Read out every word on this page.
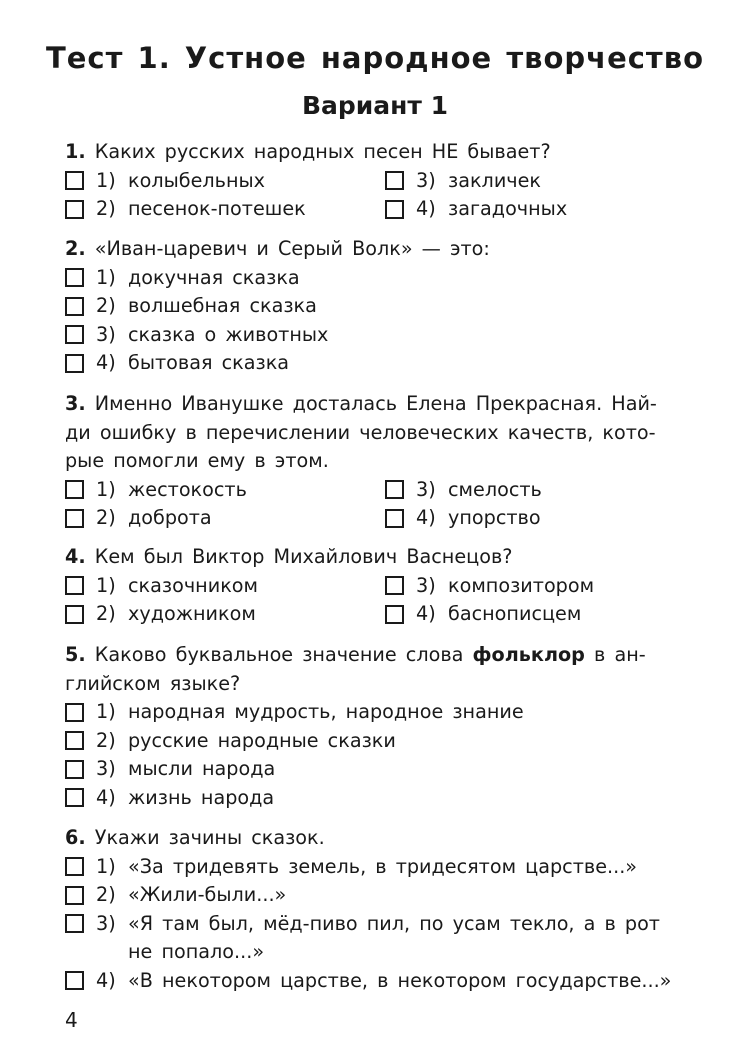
Тест 1. Устное народное творчество
Вариант 1
1. Каких русских народных песен НЕ бывает?
1) колыбельных	3) закличек
2) песенок-потешек	4) загадочных
2. «Иван-царевич и Серый Волк» — это:
1) докучная сказка
2) волшебная сказка
3) сказка о животных
4) бытовая сказка
3. Именно Иванушке досталась Елена Прекрасная. Най-
ди ошибку в перечислении человеческих качеств, кото-
рые помогли ему в этом.
1) жестокость	3) смелость
2) доброта	4) упорство
4. Кем был Виктор Михайлович Васнецов?
1) сказочником	3) композитором
2) художником	4) баснописцем
5. Каково буквальное значение слова фольклор в ан-
глийском языке?
1) народная мудрость, народное знание
2) русские народные сказки
3) мысли народа
4) жизнь народа
6. Укажи зачины сказок.
1) «За тридевять земель, в тридесятом царстве...»
2) «Жили-были...»
3) «Я там был, мёд-пиво пил, по усам текло, а в рот
не попало...»
4) «В некотором царстве, в некотором государстве...»
4
